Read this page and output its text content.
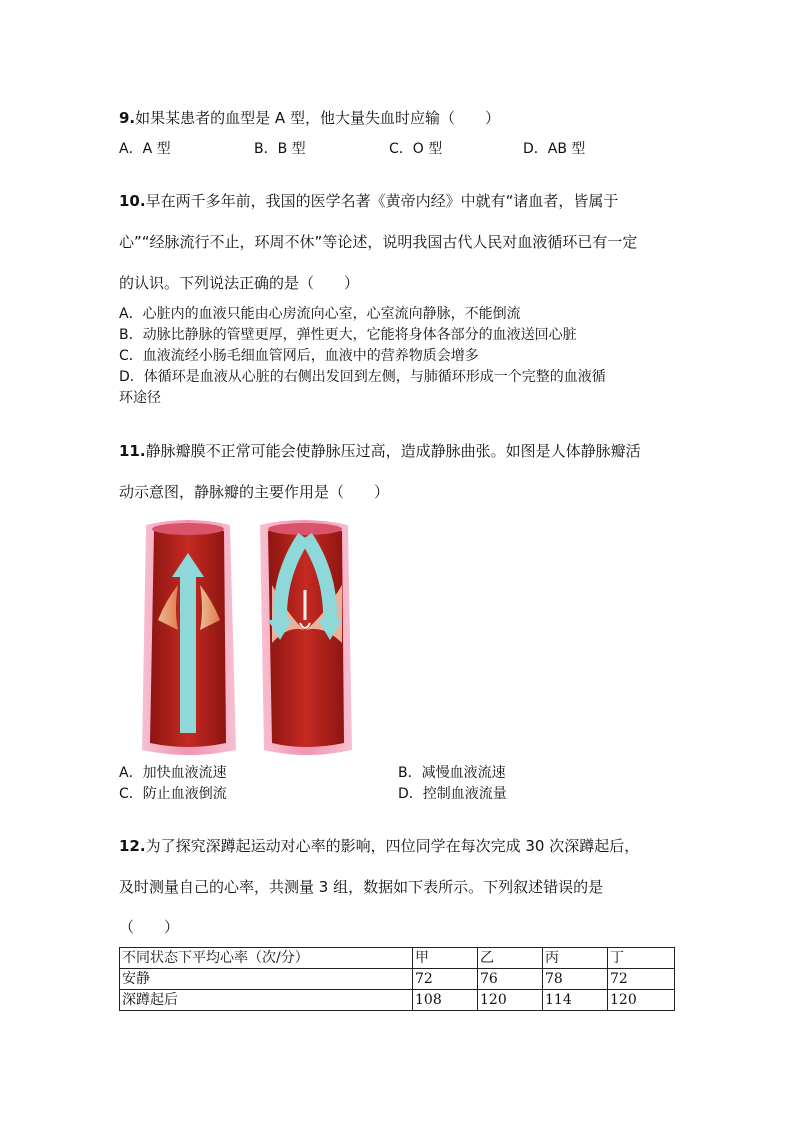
9.如果某患者的血型是 A 型，他大量失血时应输（　　）
A．A 型	B．B 型	C．O 型	D．AB 型
10.早在两千多年前，我国的医学名著《黄帝内经》中就有“诸血者，皆属于
心”“经脉流行不止，环周不休”等论述，说明我国古代人民对血液循环已有一定
的认识。下列说法正确的是（　　）
A．心脏内的血液只能由心房流向心室，心室流向静脉，不能倒流
B．动脉比静脉的管壁更厚，弹性更大，它能将身体各部分的血液送回心脏
C．血液流经小肠毛细血管网后，血液中的营养物质会增多
D．体循环是血液从心脏的右侧出发回到左侧，与肺循环形成一个完整的血液循
环途径
11.静脉瓣膜不正常可能会使静脉压过高，造成静脉曲张。如图是人体静脉瓣活
动示意图，静脉瓣的主要作用是（　　）
A．加快血液流速	B．减慢血液流速
C．防止血液倒流	D．控制血液流量
12.为了探究深蹲起运动对心率的影响，四位同学在每次完成 30 次深蹲起后，
及时测量自己的心率，共测量 3 组，数据如下表所示。下列叙述错误的是
（　　）
不同状态下平均心率（次/分）	甲	乙	丙	丁
安静	72	76	78	72
深蹲起后	108	120	114	120
